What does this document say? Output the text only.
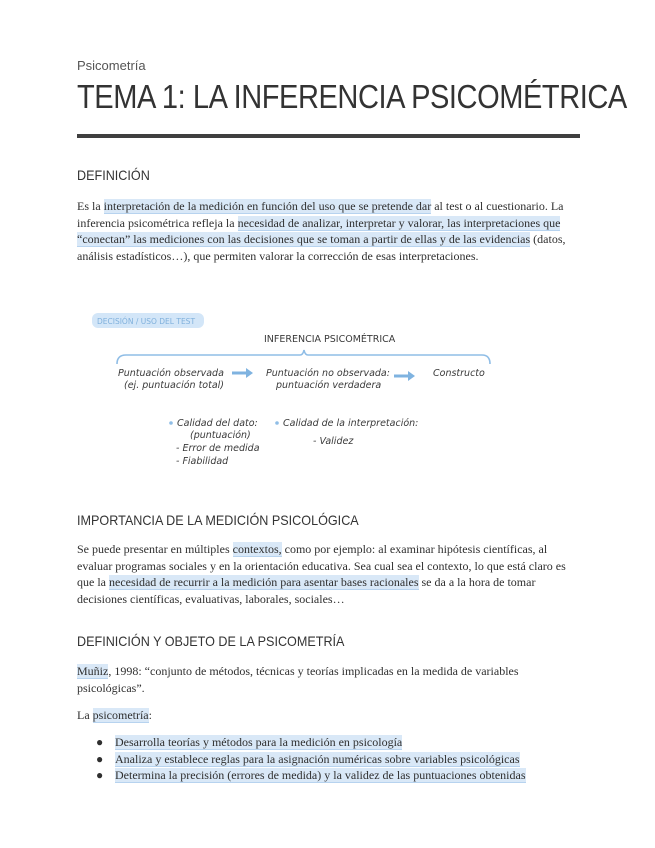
Psicometría
TEMA 1: LA INFERENCIA PSICOMÉTRICA
DEFINICIÓN

Es la interpretación de la medición en función del uso que se pretende dar al test o al cuestionario. La inferencia psicométrica refleja la necesidad de analizar, interpretar y valorar, las interpretaciones que “conectan” las mediciones con las decisiones que se toman a partir de ellas y de las evidencias (datos, análisis estadísticos…), que permiten valorar la corrección de esas interpretaciones.

DECISIÓN / USO DEL TEST
INFERENCIA PSICOMÉTRICA
Puntuación observada
(ej. puntuación total)
Puntuación no observada:
puntuación verdadera
Constructo
Calidad del dato:
(puntuación)
- Error de medida
- Fiabilidad
Calidad de la interpretación:
- Validez
IMPORTANCIA DE LA MEDICIÓN PSICOLÓGICA

Se puede presentar en múltiples contextos, como por ejemplo: al examinar hipótesis científicas, al evaluar programas sociales y en la orientación educativa. Sea cual sea el contexto, lo que está claro es que la necesidad de recurrir a la medición para asentar bases racionales se da a la hora de tomar decisiones científicas, evaluativas, laborales, sociales…

DEFINICIÓN Y OBJETO DE LA PSICOMETRÍA

Muñiz, 1998: “conjunto de métodos, técnicas y teorías implicadas en la medida de variables psicológicas”.

La psicometría:

● Desarrolla teorías y métodos para la medición en psicología
● Analiza y establece reglas para la asignación numéricas sobre variables psicológicas
● Determina la precisión (errores de medida) y la validez de las puntuaciones obtenidas
